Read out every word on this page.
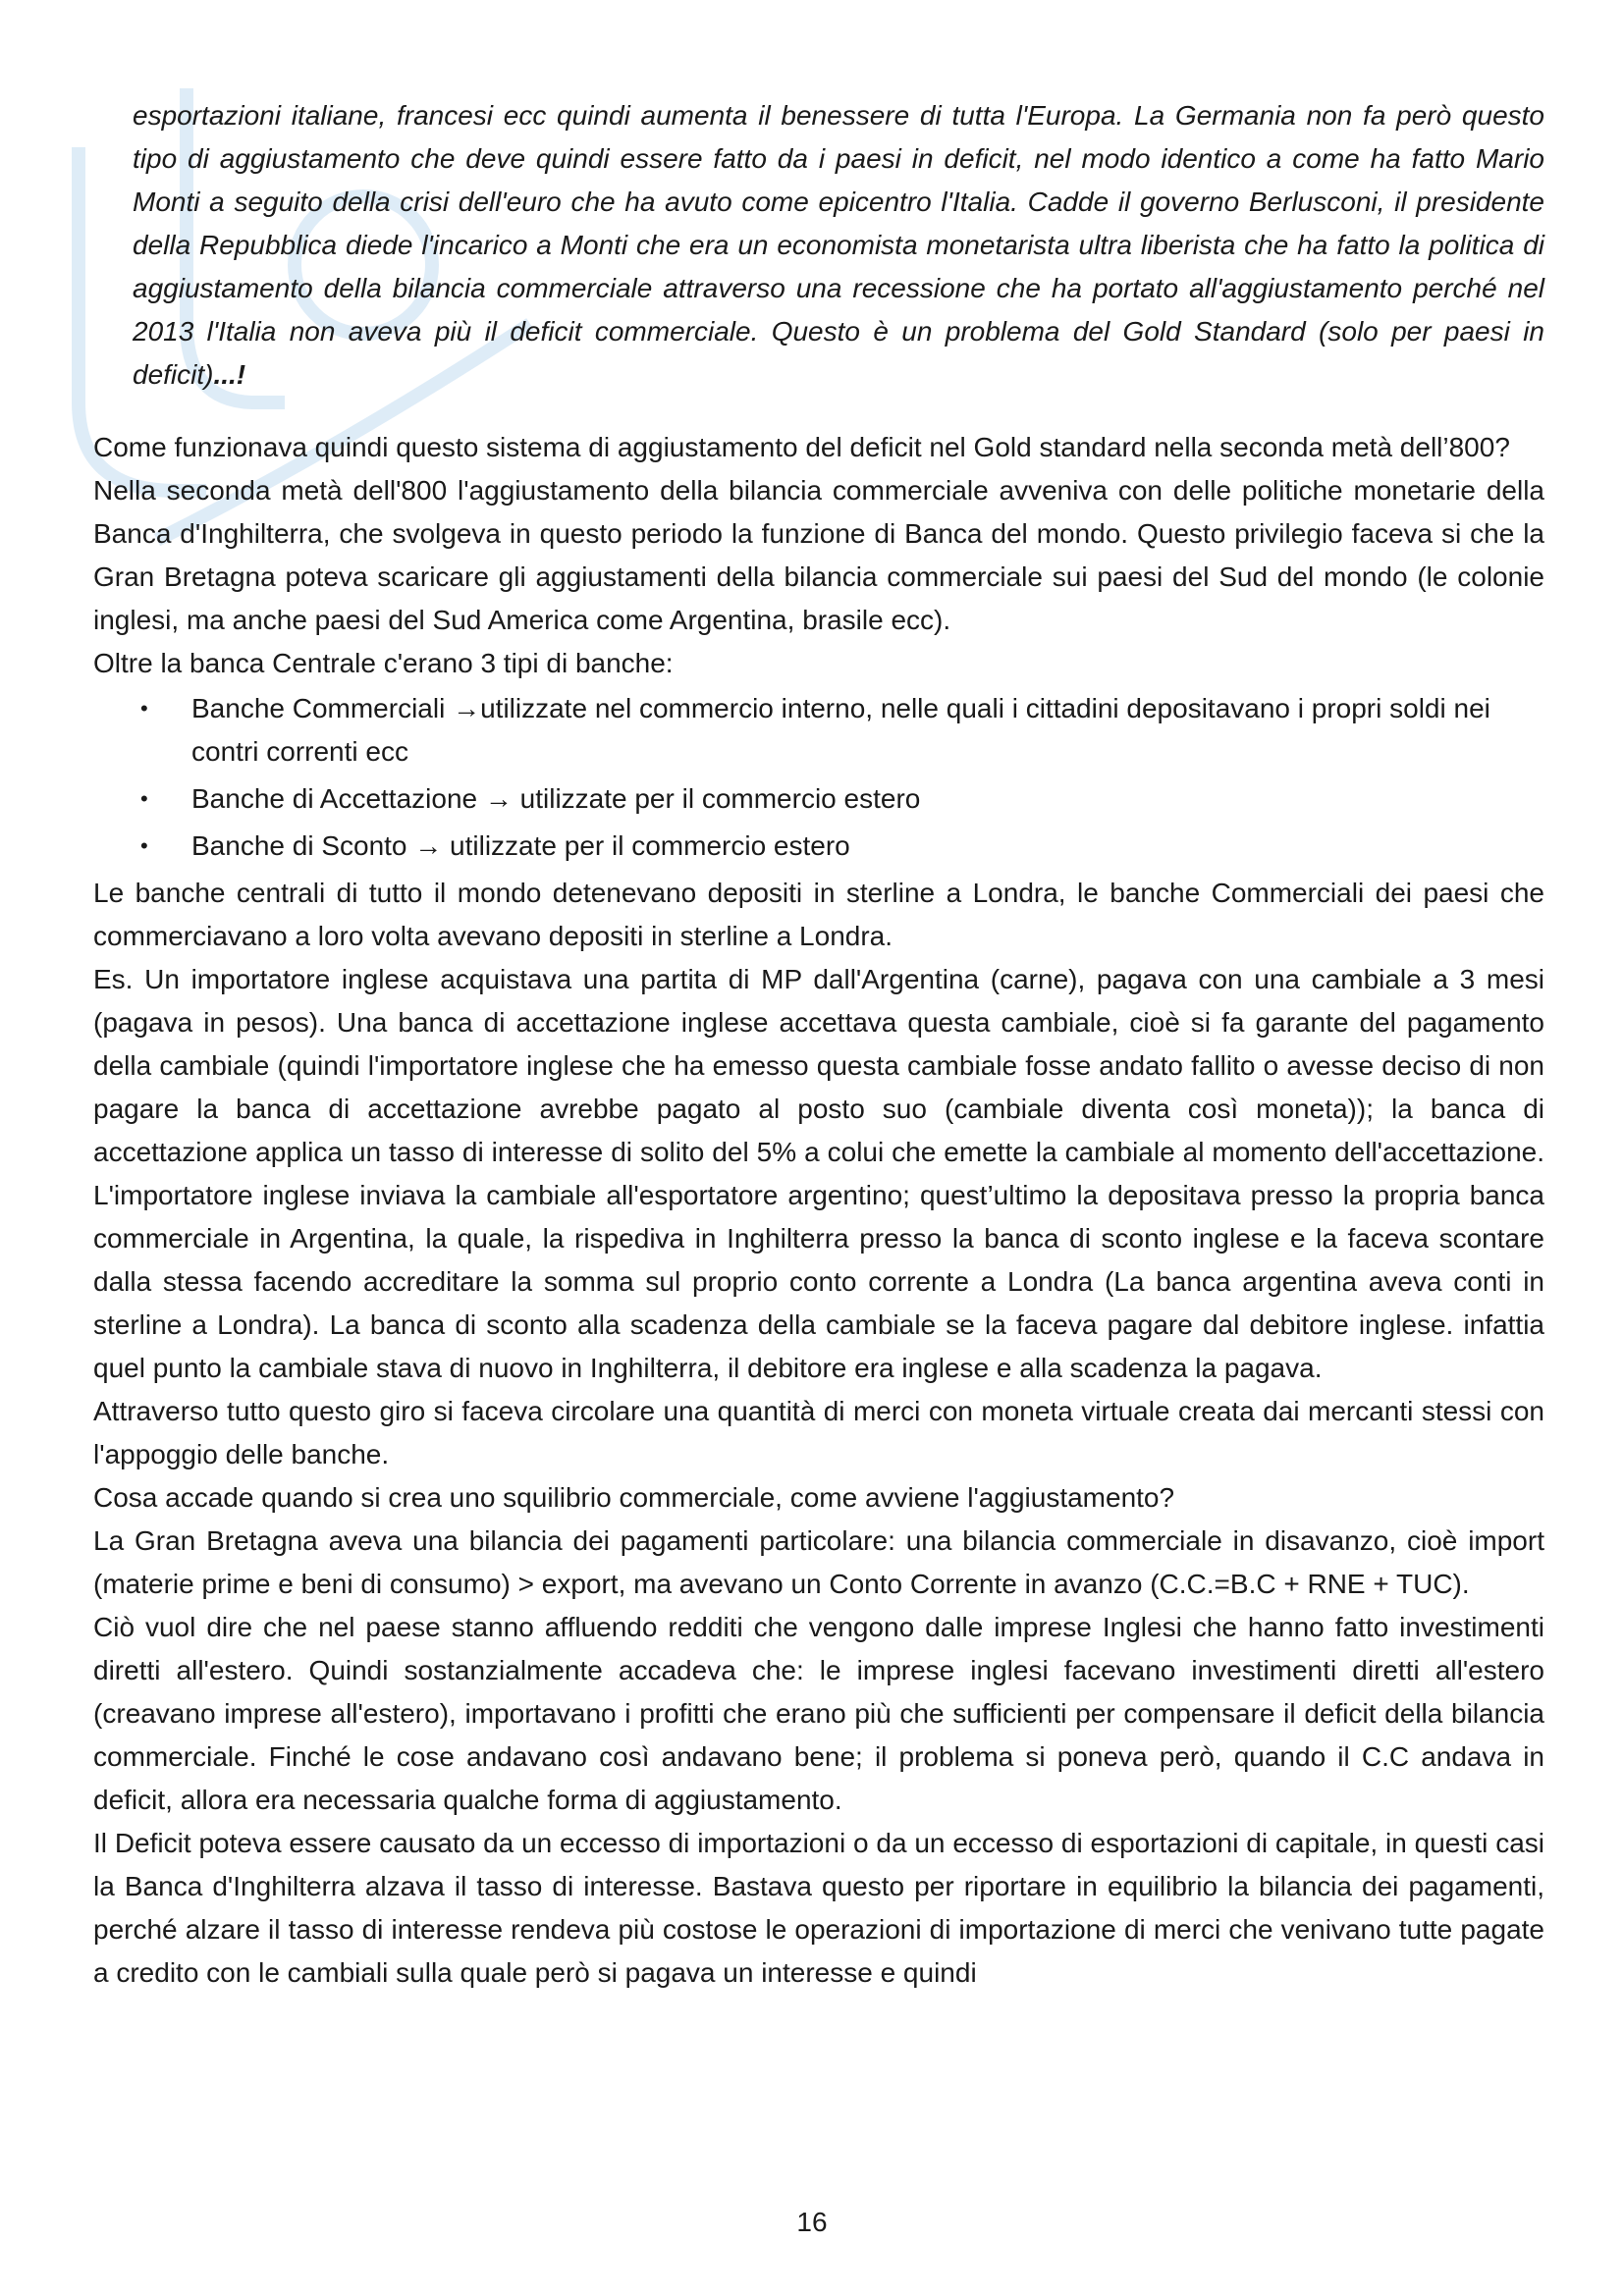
esportazioni italiane, francesi ecc quindi aumenta il benessere di tutta l'Europa. La Germania non fa però questo tipo di aggiustamento che deve quindi essere fatto da i paesi in deficit, nel modo identico a come ha fatto Mario Monti a seguito della crisi dell'euro che ha avuto come epicentro l'Italia. Cadde il governo Berlusconi, il presidente della Repubblica diede l'incarico a Monti che era un economista monetarista ultra liberista che ha fatto la politica di aggiustamento della bilancia commerciale attraverso una recessione che ha portato all'aggiustamento perché nel 2013 l'Italia non aveva più il deficit commerciale. Questo è un problema del Gold Standard (solo per paesi in deficit)...!

Come funzionava quindi questo sistema di aggiustamento del deficit nel Gold standard nella seconda metà dell’800?

Nella seconda metà dell'800 l'aggiustamento della bilancia commerciale avveniva con delle politiche monetarie della Banca d'Inghilterra, che svolgeva in questo periodo la funzione di Banca del mondo. Questo privilegio faceva si che la Gran Bretagna poteva scaricare gli aggiustamenti della bilancia commerciale sui paesi del Sud del mondo (le colonie inglesi, ma anche paesi del Sud America come Argentina, brasile ecc).

Oltre la banca Centrale c'erano 3 tipi di banche:

• Banche Commerciali →utilizzate nel commercio interno, nelle quali i cittadini depositavano i propri soldi nei contri correnti ecc
• Banche di Accettazione → utilizzate per il commercio estero
• Banche di Sconto → utilizzate per il commercio estero

Le banche centrali di tutto il mondo detenevano depositi in sterline a Londra, le banche Commerciali dei paesi che commerciavano a loro volta avevano depositi in sterline a Londra.

Es. Un importatore inglese acquistava una partita di MP dall'Argentina (carne), pagava con una cambiale a 3 mesi (pagava in pesos). Una banca di accettazione inglese accettava questa cambiale, cioè si fa garante del pagamento della cambiale (quindi l'importatore inglese che ha emesso questa cambiale fosse andato fallito o avesse deciso di non pagare la banca di accettazione avrebbe pagato al posto suo (cambiale diventa così moneta)); la banca di accettazione applica un tasso di interesse di solito del 5% a colui che emette la cambiale al momento dell'accettazione. L'importatore inglese inviava la cambiale all'esportatore argentino; quest’ultimo la depositava presso la propria banca commerciale in Argentina, la quale, la rispediva in Inghilterra presso la banca di sconto inglese e la faceva scontare dalla stessa facendo accreditare la somma sul proprio conto corrente a Londra (La banca argentina aveva conti in sterline a Londra). La banca di sconto alla scadenza della cambiale se la faceva pagare dal debitore inglese. infattia quel punto la cambiale stava di nuovo in Inghilterra, il debitore era inglese e alla scadenza la pagava.

Attraverso tutto questo giro si faceva circolare una quantità di merci con moneta virtuale creata dai mercanti stessi con l'appoggio delle banche.

Cosa accade quando si crea uno squilibrio commerciale, come avviene l'aggiustamento?

La Gran Bretagna aveva una bilancia dei pagamenti particolare: una bilancia commerciale in disavanzo, cioè import (materie prime e beni di consumo) > export, ma avevano un Conto Corrente in avanzo (C.C.=B.C + RNE + TUC).

Ciò vuol dire che nel paese stanno affluendo redditi che vengono dalle imprese Inglesi che hanno fatto investimenti diretti all'estero. Quindi sostanzialmente accadeva che: le imprese inglesi facevano investimenti diretti all'estero (creavano imprese all'estero), importavano i profitti che erano più che sufficienti per compensare il deficit della bilancia commerciale. Finché le cose andavano così andavano bene; il problema si poneva però, quando il C.C andava in deficit, allora era necessaria qualche forma di aggiustamento.

Il Deficit poteva essere causato da un eccesso di importazioni o da un eccesso di esportazioni di capitale, in questi casi la Banca d'Inghilterra alzava il tasso di interesse. Bastava questo per riportare in equilibrio la bilancia dei pagamenti, perché alzare il tasso di interesse rendeva più costose le operazioni di importazione di merci che venivano tutte pagate a credito con le cambiali sulla quale però si pagava un interesse e quindi

16
